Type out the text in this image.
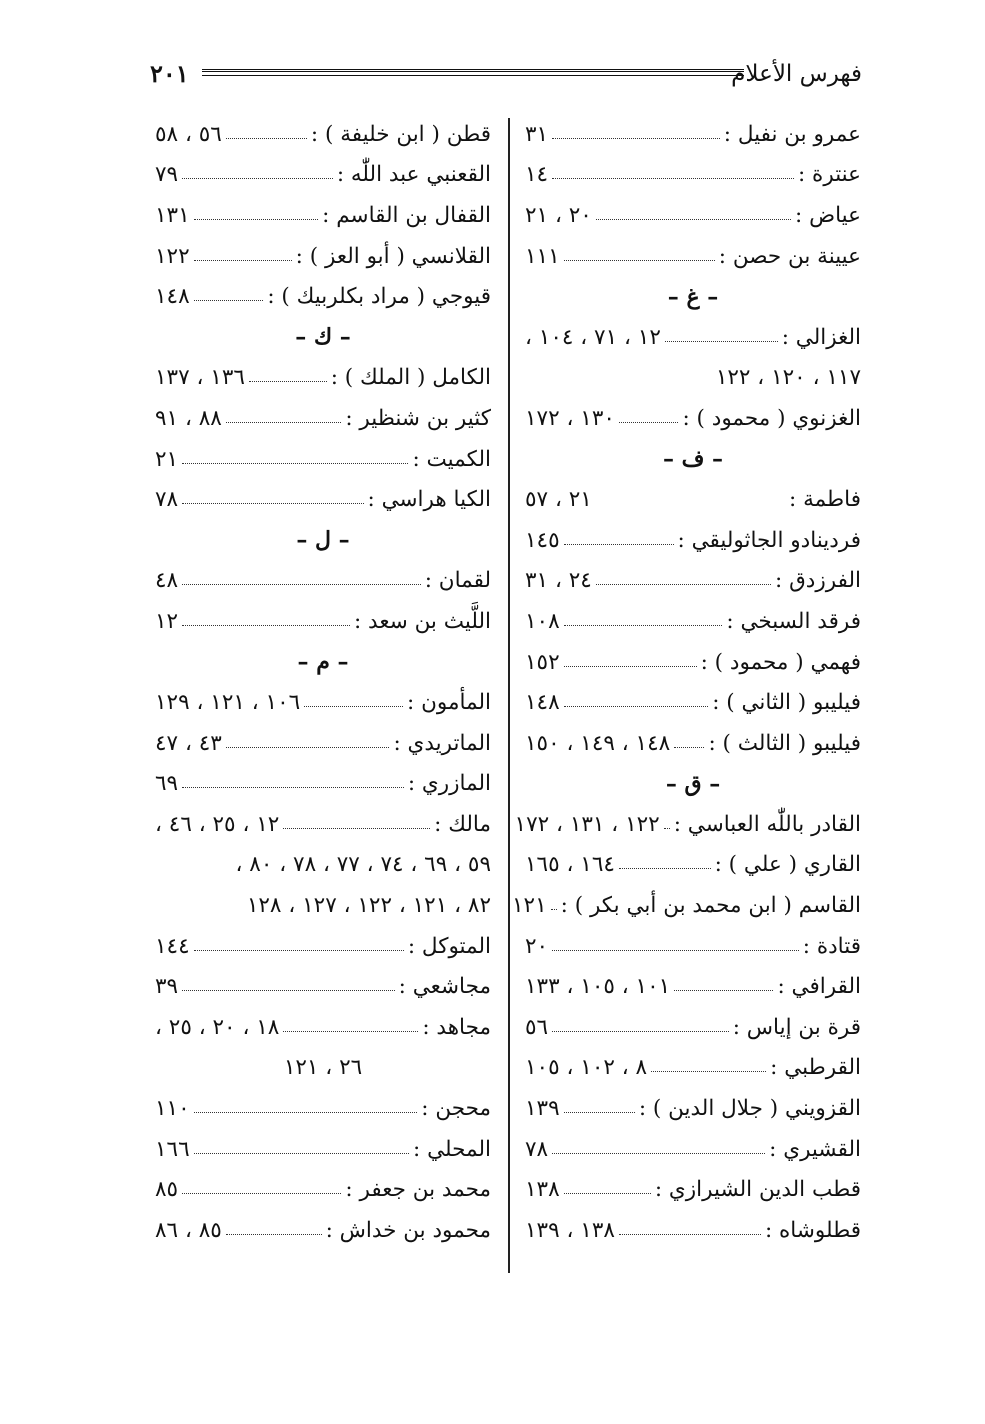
فهرس الأعلام
٢٠١
عمرو بن نفيل :
٣١
عنترة :
١٤
عياض :
٢٠ ، ٢١
عيينة بن حصن :
١١١
– غ –
الغزالي :
١٢ ، ٧١ ، ١٠٤ ،
١١٧ ، ١٢٠ ، ١٢٢
الغزنوي ( محمود ) :
١٣٠ ، ١٧٢
– ف –
فاطمة :
٢١ ، ٥٧
فردينادو الجاثوليقي :
١٤٥
الفرزدق :
٢٤ ، ٣١
فرقد السبخي :
١٠٨
فهمي ( محمود ) :
١٥٢
فيليبو ( الثاني ) :
١٤٨
فيليبو ( الثالث ) :
١٤٨ ، ١٤٩ ، ١٥٠
– ق –
القادر باللّٰه العباسي :
١٢٢ ، ١٣١ ، ١٧٢
القاري ( علي ) :
١٦٤ ، ١٦٥
القاسم ( ابن محمد بن أبي بكر ) :
١٢١
قتادة :
٢٠
القرافي :
١٠١ ، ١٠٥ ، ١٣٣
قرة بن إياس :
٥٦
القرطبي :
٨ ، ١٠٢ ، ١٠٥
القزويني ( جلال الدين ) :
١٣٩
القشيري :
٧٨
قطب الدين الشيرازي :
١٣٨
قطلوشاه :
١٣٨ ، ١٣٩
قطن ( ابن خليفة ) :
٥٦ ، ٥٨
القعنبي عبد اللّٰه :
٧٩
القفال بن القاسم :
١٣١
القلانسي ( أبو العز ) :
١٢٢
قيوجي ( مراد بكلربيك ) :
١٤٨
– ك –
الكامل ( الملك ) :
١٣٦ ، ١٣٧
كثير بن شنظير :
٨٨ ، ٩١
الكميت :
٢١
الكيا هراسي :
٧٨
– ل –
لقمان :
٤٨
اللَّيث بن سعد :
١٢
– م –
المأمون :
١٠٦ ، ١٢١ ، ١٢٩
الماتريدي :
٤٣ ، ٤٧
المازري :
٦٩
مالك :
١٢ ، ٢٥ ، ٤٦ ،
٥٩ ، ٦٩ ، ٧٤ ، ٧٧ ، ٧٨ ، ٨٠ ،
٨٢ ، ١٢١ ، ١٢٢ ، ١٢٧ ، ١٢٨
المتوكل :
١٤٤
مجاشعي :
٣٩
مجاهد :
١٨ ، ٢٠ ، ٢٥ ،
٢٦ ، ١٢١
محجن :
١١٠
المحلي :
١٦٦
محمد بن جعفر :
٨٥
محمود بن خداش :
٨٥ ، ٨٦
